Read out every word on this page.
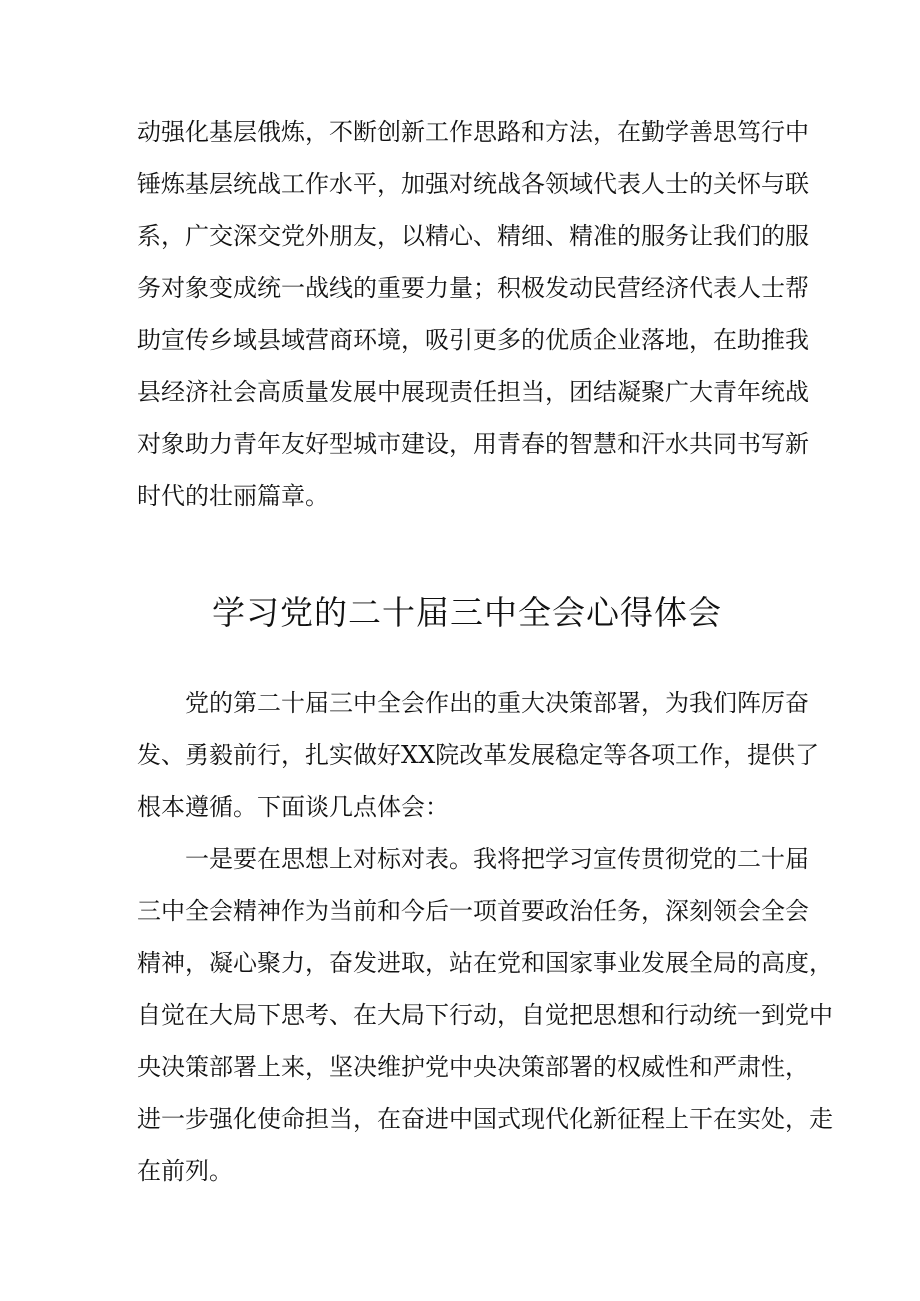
动强化基层俄炼，不断创新工作思路和方法，在勤学善思笃行中
锤炼基层统战工作水平，加强对统战各领域代表人士的关怀与联
系，广交深交党外朋友，以精心、精细、精准的服务让我们的服
务对象变成统一战线的重要力量；积极发动民营经济代表人士帮
助宣传乡域县域营商环境，吸引更多的优质企业落地，在助推我
县经济社会高质量发展中展现责任担当，团结凝聚广大青年统战
对象助力青年友好型城市建设，用青春的智慧和汗水共同书写新
时代的壮丽篇章。
学习党的二十届三中全会心得体会
党的第二十届三中全会作出的重大决策部署，为我们阵厉奋
发、勇毅前行，扎实做好XX院改革发展稳定等各项工作，提供了
根本遵循。下面谈几点体会：
一是要在思想上对标对表。我将把学习宣传贯彻党的二十届
三中全会精神作为当前和今后一项首要政治任务，深刻领会全会
精神，凝心聚力，奋发进取，站在党和国家事业发展全局的高度，
自觉在大局下思考、在大局下行动，自觉把思想和行动统一到党中
央决策部署上来，坚决维护党中央决策部署的权威性和严肃性，
进一步强化使命担当，在奋进中国式现代化新征程上干在实处，走
在前列。
